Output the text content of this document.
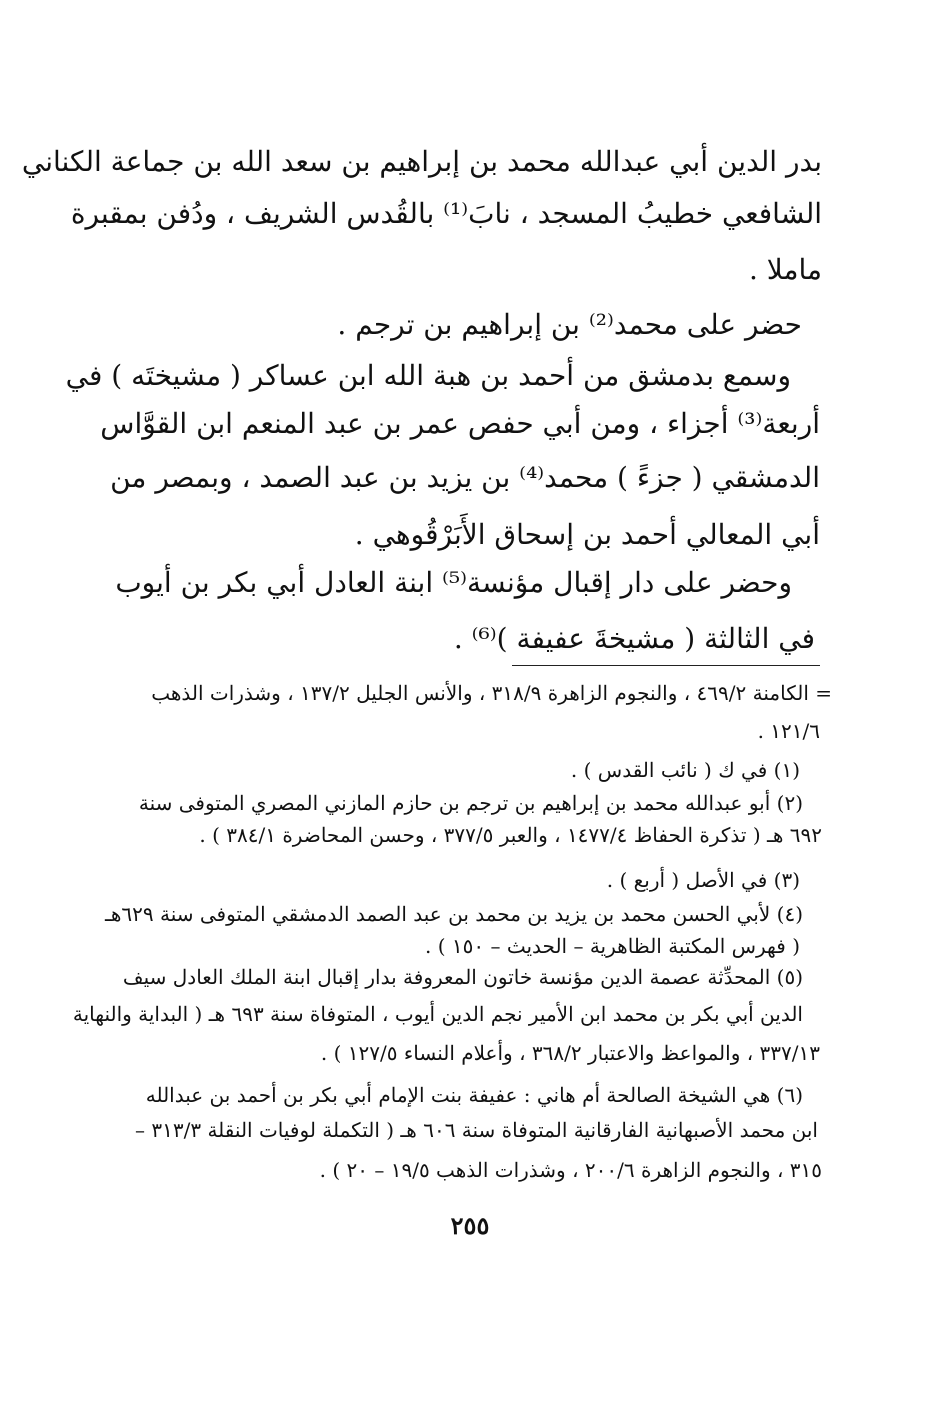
بدر الدين أبي عبدالله محمد بن إبراهيم بن سعد الله بن جماعة الكناني
الشافعي خطيبُ المسجد ، نابَ⁽¹⁾ بالقُدس الشريف ، ودُفن بمقبرة
ماملا .
حضر على محمد⁽²⁾ بن إبراهيم بن ترجم .
وسمع بدمشق من أحمد بن هبة الله ابن عساكر ( مشيختَه ) في
أربعة⁽³⁾ أجزاء ، ومن أبي حفص عمر بن عبد المنعم ابن القوَّاس
الدمشقي ( جزءً ) محمد⁽⁴⁾ بن يزيد بن عبد الصمد ، وبمصر من
أبي المعالي أحمد بن إسحاق الأَبَرْقُوهي .
وحضر على دار إقبال مؤنسة⁽⁵⁾ ابنة العادل أبي بكر بن أيوب
في الثالثة ( مشيخةَ عفيفة )⁽⁶⁾ .
= الكامنة ٤٦٩/٢ ، والنجوم الزاهرة ٣١٨/٩ ، والأنس الجليل ١٣٧/٢ ، وشذرات الذهب
١٢١/٦ .
(١) في ك ( نائب القدس ) .
(٢) أبو عبدالله محمد بن إبراهيم بن ترجم بن حازم المازني المصري المتوفى سنة
٦٩٢ هـ ( تذكرة الحفاظ ١٤٧٧/٤ ، والعبر ٣٧٧/٥ ، وحسن المحاضرة ٣٨٤/١ ) .
(٣) في الأصل ( أربع ) .
(٤) لأبي الحسن محمد بن يزيد بن محمد بن عبد الصمد الدمشقي المتوفى سنة ٦٢٩هـ
( فهرس المكتبة الظاهرية – الحديث – ١٥٠ ) .
(٥) المحدِّثة عصمة الدين مؤنسة خاتون المعروفة بدار إقبال ابنة الملك العادل سيف
الدين أبي بكر بن محمد ابن الأمير نجم الدين أيوب ، المتوفاة سنة ٦٩٣ هـ ( البداية والنهاية
٣٣٧/١٣ ، والمواعظ والاعتبار ٣٦٨/٢ ، وأعلام النساء ١٢٧/٥ ) .
(٦) هي الشيخة الصالحة أم هاني : عفيفة بنت الإمام أبي بكر بن أحمد بن عبدالله
ابن محمد الأصبهانية الفارقانية المتوفاة سنة ٦٠٦ هـ ( التكملة لوفيات النقلة ٣١٣/٣ –
٣١٥ ، والنجوم الزاهرة ٢٠٠/٦ ، وشذرات الذهب ١٩/٥ – ٢٠ ) .
٢٥٥
